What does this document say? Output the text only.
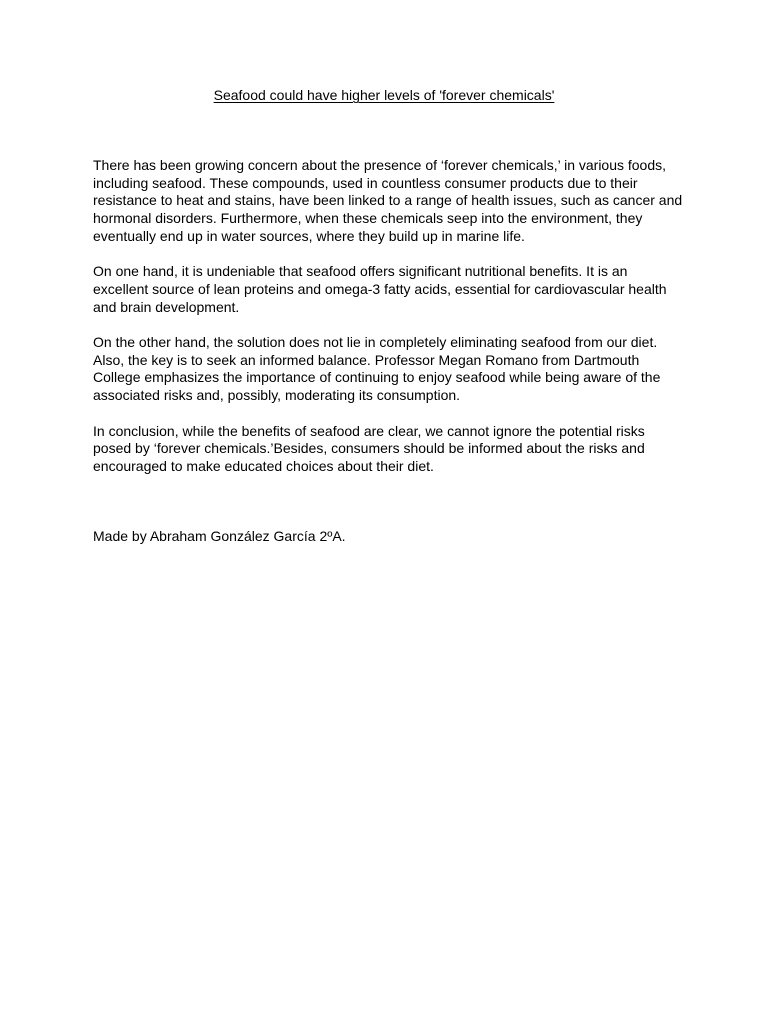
Seafood could have higher levels of 'forever chemicals'

There has been growing concern about the presence of ‘forever chemicals,’ in various foods, including seafood. These compounds, used in countless consumer products due to their resistance to heat and stains, have been linked to a range of health issues, such as cancer and hormonal disorders. Furthermore, when these chemicals seep into the environment, they eventually end up in water sources, where they build up in marine life.

On one hand, it is undeniable that seafood offers significant nutritional benefits. It is an excellent source of lean proteins and omega-3 fatty acids, essential for cardiovascular health and brain development.

On the other hand, the solution does not lie in completely eliminating seafood from our diet. Also, the key is to seek an informed balance. Professor Megan Romano from Dartmouth College emphasizes the importance of continuing to enjoy seafood while being aware of the associated risks and, possibly, moderating its consumption.

In conclusion, while the benefits of seafood are clear, we cannot ignore the potential risks posed by ‘forever chemicals.’Besides, consumers should be informed about the risks and encouraged to make educated choices about their diet.

Made by Abraham González García 2ºA.
